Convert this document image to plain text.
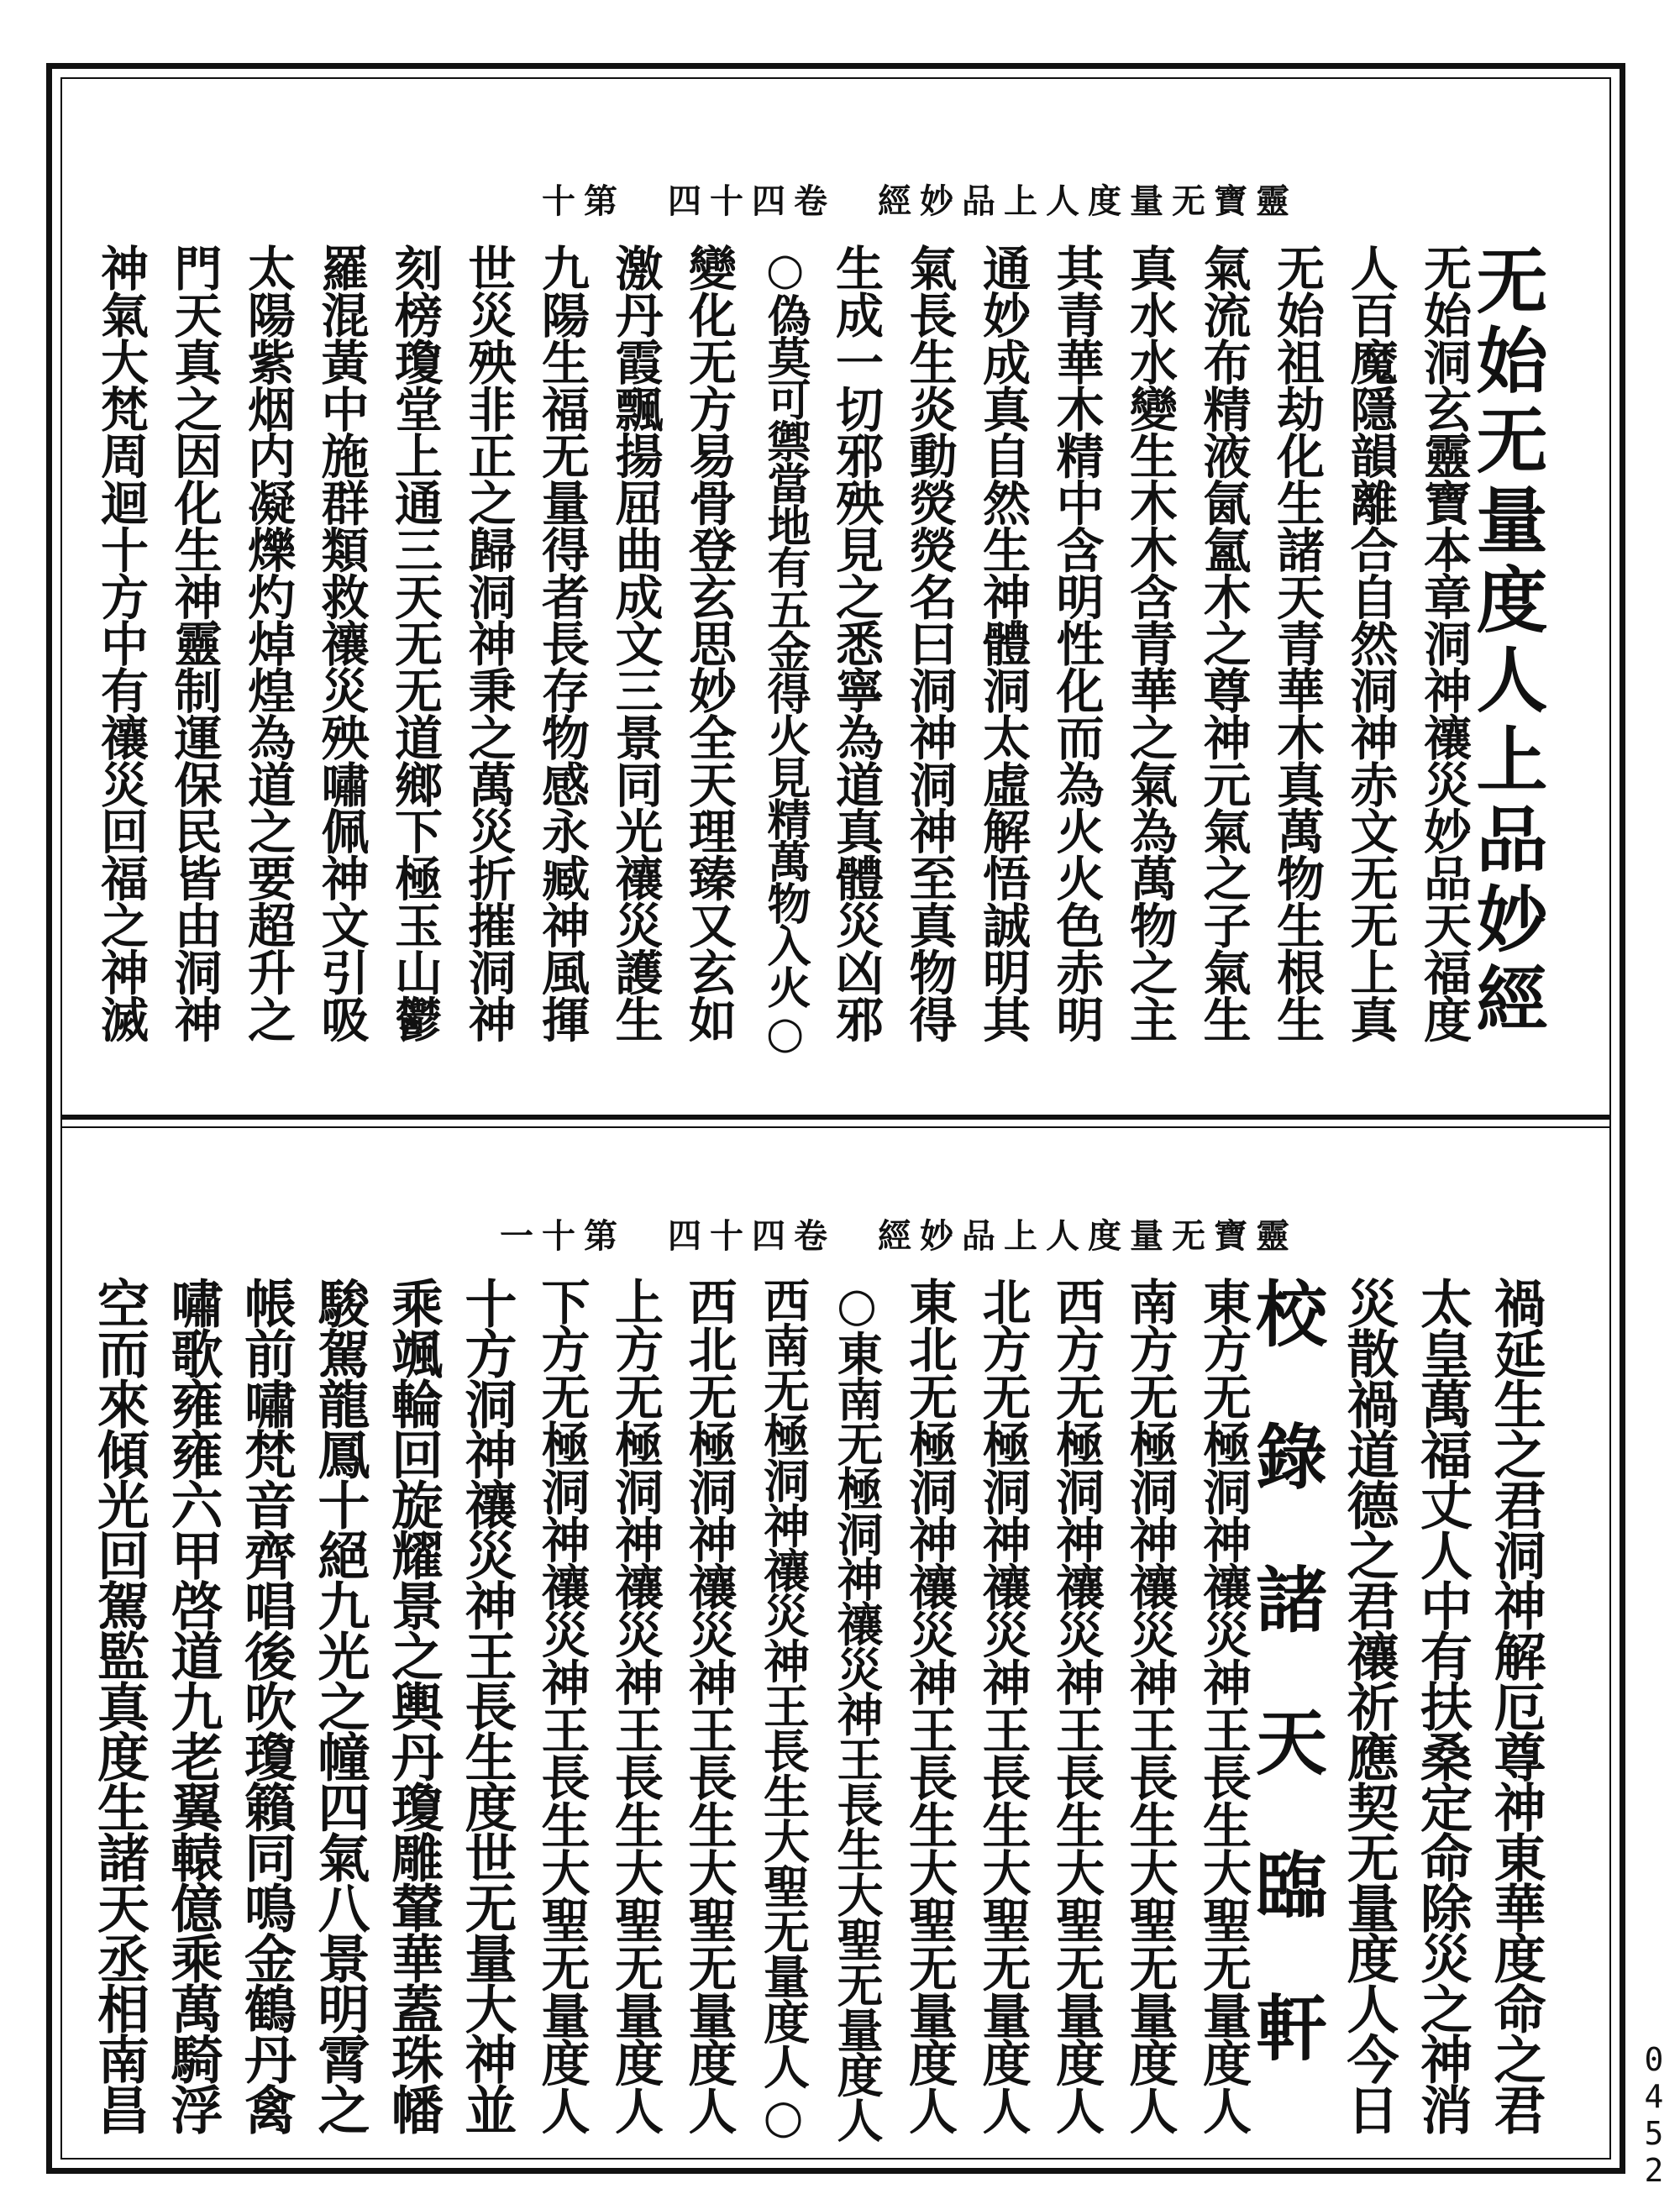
靈寶无量度人上品妙經　卷四十四　第十
无始无量度人上品妙經
无始洞玄靈寶本章洞神禳災妙品天福度
人百魔隱韻離合自然洞神赤文无无上真
无始祖劫化生諸天青華木真萬物生根生
氣流布精液氤氳木之尊神元氣之子氣生
真水水變生木木含青華之氣為萬物之主
其青華木精中含明性化而為火火色赤明
通妙成真自然生神體洞太虛解悟誠明其
氣長生炎動熒熒名曰洞神洞神至真物得
生成一切邪殃見之悉寧為道真體災凶邪
○偽莫可禦當地有五金得火見精萬物入火○
變化无方易骨登玄思妙全天理臻又玄如
激丹霞飄揚屈曲成文三景同光禳災護生
九陽生福无量得者長存物感永臧神風揮
世災殃非正之歸洞神秉之萬災折摧洞神
刻榜瓊堂上通三天无无道鄉下極玉山鬱
羅混黃中施群類救禳災殃嘯佩神文引吸
太陽紫烟内凝爍灼焯煌為道之要超升之
門天真之因化生神靈制運保民皆由洞神
神氣大梵周迴十方中有禳災回福之神滅
靈寶无量度人上品妙經　卷四十四　第十一
禍延生之君洞神解厄尊神東華度命之君
太皇萬福丈人中有扶桑定命除災之神消
災散禍道德之君禳祈應契无量度人今日
校錄諸天臨軒
東方无極洞神禳災神王長生大聖无量度人
南方无極洞神禳災神王長生大聖无量度人
西方无極洞神禳災神王長生大聖无量度人
北方无極洞神禳災神王長生大聖无量度人
東北无極洞神禳災神王長生大聖无量度人
○東南无極洞神禳災神王長生大聖无量度人
西南无極洞神禳災神王長生大聖无量度人○
西北无極洞神禳災神王長生大聖无量度人
上方无極洞神禳災神王長生大聖无量度人
下方无極洞神禳災神王長生大聖无量度人
十方洞神禳災神王長生度世无量大神並
乘颯輪回旋耀景之輿丹瓊雕輦華蓋珠幡
駿駕龍鳳十絕九光之幢四氣八景明霄之
帳前嘯梵音齊唱後吹瓊籟同鳴金鶴丹禽
嘯歌雍雍六甲啓道九老翼轅億乘萬騎浮
空而來傾光回駕監真度生諸天丞相南昌	0452
